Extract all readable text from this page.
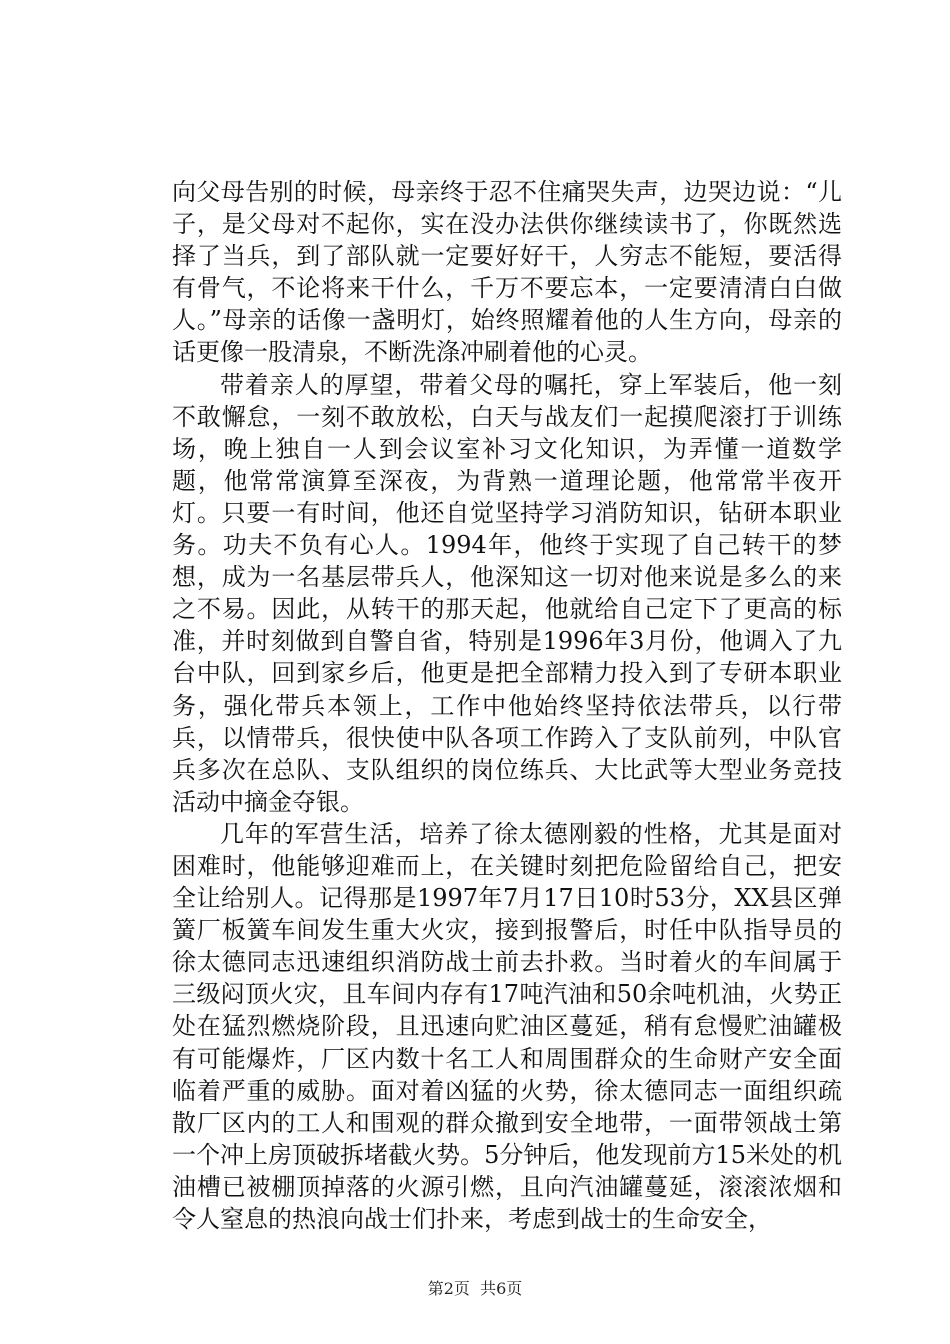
向父母告别的时候，母亲终于忍不住痛哭失声，边哭边说：“儿子，是父母对不起你，实在没办法供你继续读书了，你既然选择了当兵，到了部队就一定要好好干，人穷志不能短，要活得有骨气，不论将来干什么，千万不要忘本，一定要清清白白做人。”母亲的话像一盏明灯，始终照耀着他的人生方向，母亲的话更像一股清泉，不断洗涤冲刷着他的心灵。

带着亲人的厚望，带着父母的嘱托，穿上军装后，他一刻不敢懈怠，一刻不敢放松，白天与战友们一起摸爬滚打于训练场，晚上独自一人到会议室补习文化知识，为弄懂一道数学题，他常常演算至深夜，为背熟一道理论题，他常常半夜开灯。只要一有时间，他还自觉坚持学习消防知识，钻研本职业务。功夫不负有心人。1994年，他终于实现了自己转干的梦想，成为一名基层带兵人，他深知这一切对他来说是多么的来之不易。因此，从转干的那天起，他就给自己定下了更高的标准，并时刻做到自警自省，特别是1996年3月份，他调入了九台中队，回到家乡后，他更是把全部精力投入到了专研本职业务，强化带兵本领上，工作中他始终坚持依法带兵，以行带兵，以情带兵，很快使中队各项工作跨入了支队前列，中队官兵多次在总队、支队组织的岗位练兵、大比武等大型业务竞技活动中摘金夺银。

几年的军营生活，培养了徐太德刚毅的性格，尤其是面对困难时，他能够迎难而上，在关键时刻把危险留给自己，把安全让给别人。记得那是1997年7月17日10时53分，XX县区弹簧厂板簧车间发生重大火灾，接到报警后，时任中队指导员的徐太德同志迅速组织消防战士前去扑救。当时着火的车间属于三级闷顶火灾，且车间内存有17吨汽油和50余吨机油，火势正处在猛烈燃烧阶段，且迅速向贮油区蔓延，稍有怠慢贮油罐极有可能爆炸，厂区内数十名工人和周围群众的生命财产安全面临着严重的威胁。面对着凶猛的火势，徐太德同志一面组织疏散厂区内的工人和围观的群众撤到安全地带，一面带领战士第一个冲上房顶破拆堵截火势。5分钟后，他发现前方15米处的机油槽已被棚顶掉落的火源引燃，且向汽油罐蔓延，滚滚浓烟和令人窒息的热浪向战士们扑来，考虑到战士的生命安全，

第2页  共6页
